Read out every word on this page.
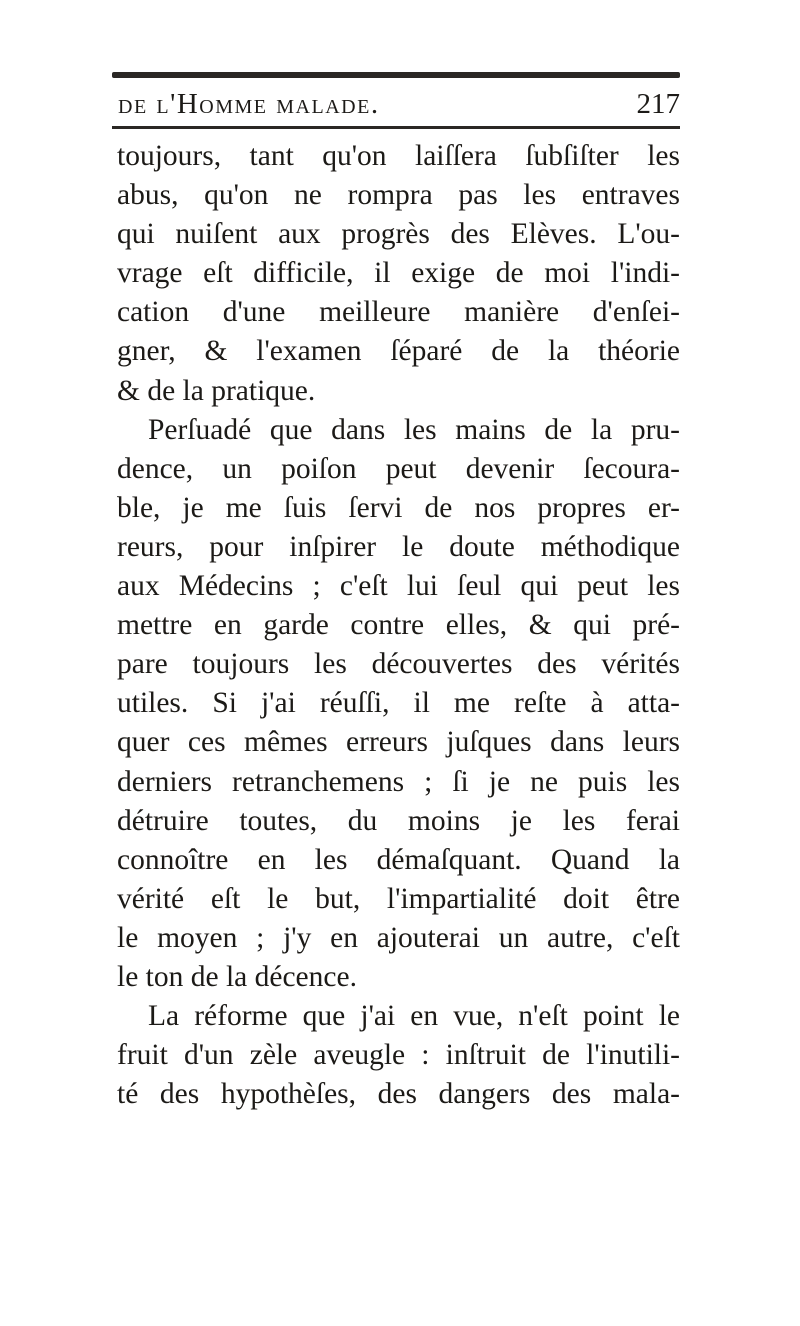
de l'Homme malade.	217
toujours, tant qu'on laiſſera ſubſiſter les
abus, qu'on ne rompra pas les entraves
qui nuiſent aux progrès des Elèves. L'ou-
vrage eſt difficile, il exige de moi l'indi-
cation d'une meilleure manière d'enſei-
gner, & l'examen ſéparé de la théorie
& de la pratique.
Perſuadé que dans les mains de la pru-
dence, un poiſon peut devenir ſecoura-
ble, je me ſuis ſervi de nos propres er-
reurs, pour inſpirer le doute méthodique
aux Médecins ; c'eſt lui ſeul qui peut les
mettre en garde contre elles, & qui pré-
pare toujours les découvertes des vérités
utiles. Si j'ai réuſſi, il me reſte à atta-
quer ces mêmes erreurs juſques dans leurs
derniers retranchemens ; ſi je ne puis les
détruire toutes, du moins je les ferai
connoître en les démaſquant. Quand la
vérité eſt le but, l'impartialité doit être
le moyen ; j'y en ajouterai un autre, c'eſt
le ton de la décence.
La réforme que j'ai en vue, n'eſt point le
fruit d'un zèle aveugle : inſtruit de l'inutili-
té des hypothèſes, des dangers des mala-
